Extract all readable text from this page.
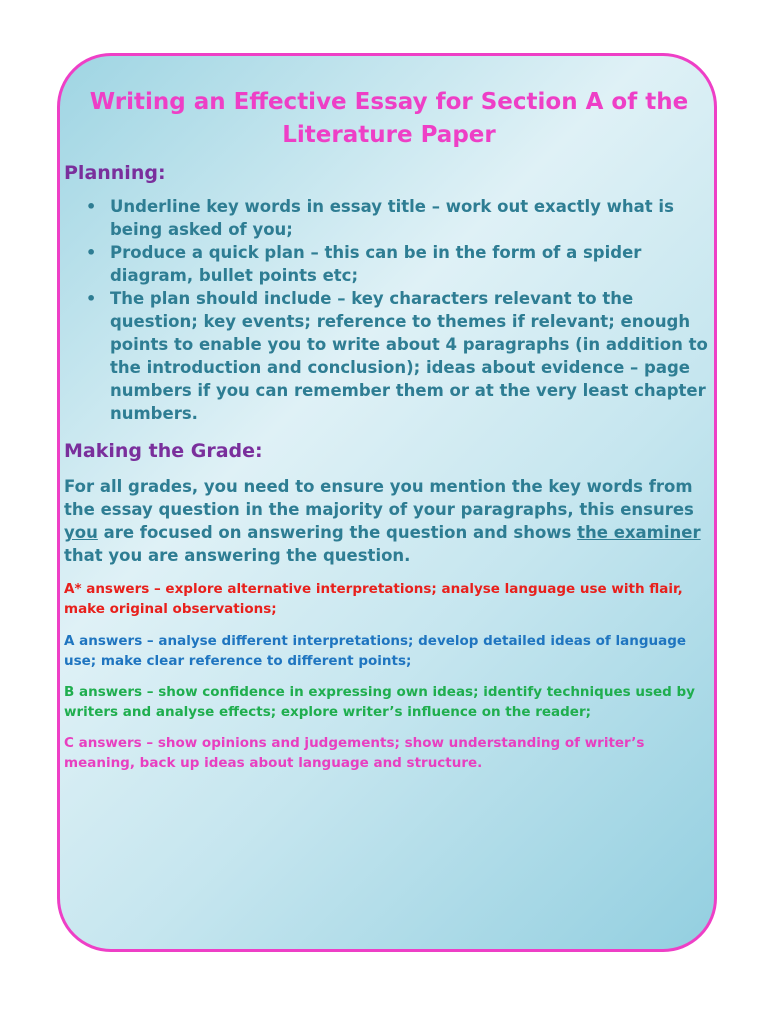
Writing an Effective Essay for Section A of the Literature Paper
Planning:
• Underline key words in essay title – work out exactly what is being asked of you;
• Produce a quick plan – this can be in the form of a spider diagram, bullet points etc;
• The plan should include – key characters relevant to the question; key events; reference to themes if relevant; enough points to enable you to write about 4 paragraphs (in addition to the introduction and conclusion); ideas about evidence – page numbers if you can remember them or at the very least chapter numbers.
Making the Grade:

For all grades, you need to ensure you mention the key words from the essay question in the majority of your paragraphs, this ensures you are focused on answering the question and shows the examiner that you are answering the question.

A* answers – explore alternative interpretations; analyse language use with flair, make original observations;

A answers – analyse different interpretations; develop detailed ideas of language use; make clear reference to different points;

B answers – show confidence in expressing own ideas; identify techniques used by writers and analyse effects; explore writer’s influence on the reader;

C answers – show opinions and judgements; show understanding of writer’s meaning, back up ideas about language and structure.
